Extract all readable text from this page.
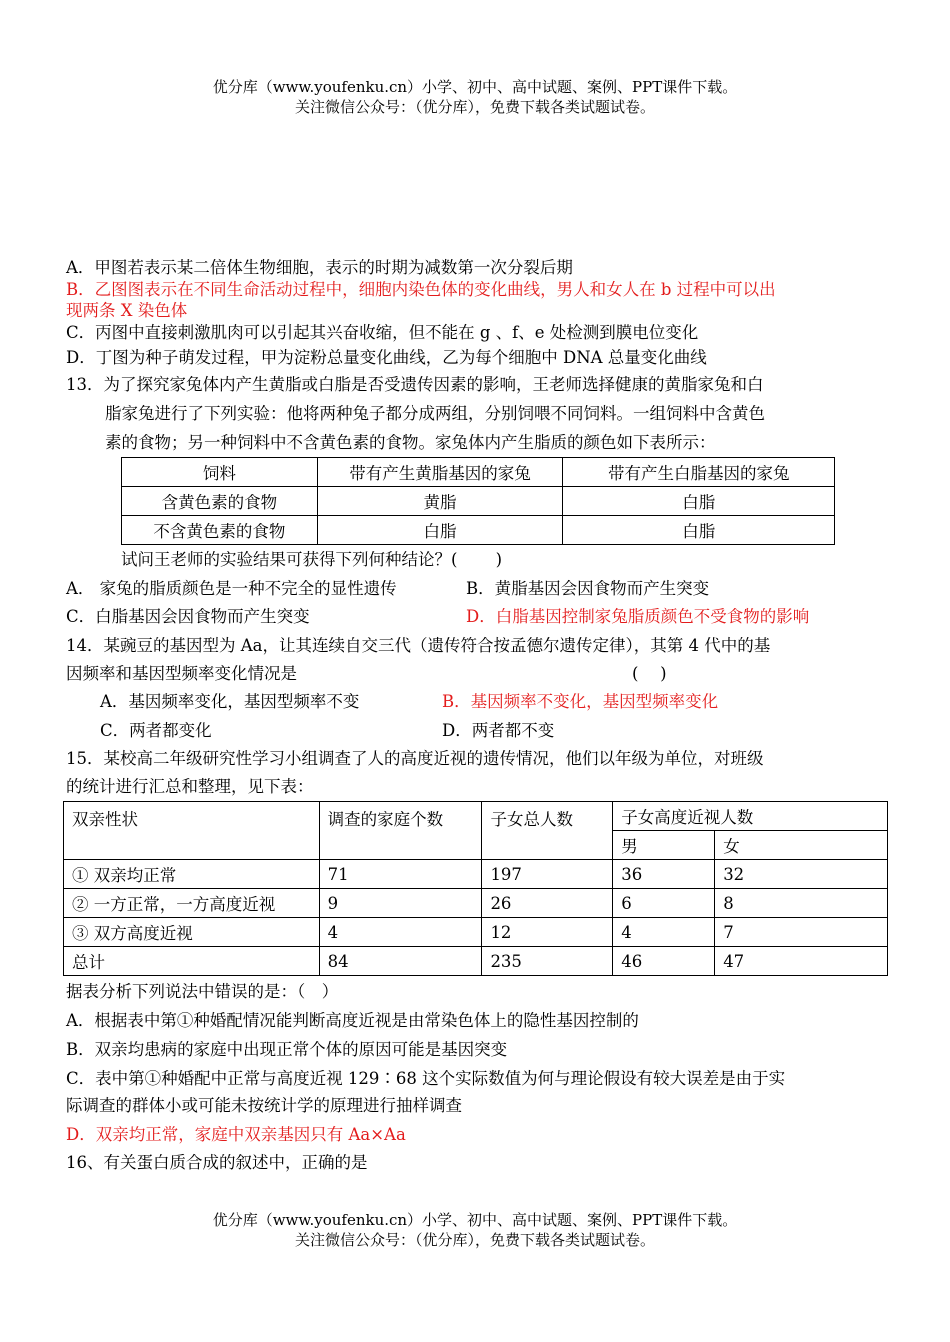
优分库（www.youfenku.cn）小学、初中、高中试题、案例、PPT课件下载。
关注微信公众号：（优分库），免费下载各类试题试卷。
A．甲图若表示某二倍体生物细胞，表示的时期为减数第一次分裂后期
B．乙图图表示在不同生命活动过程中，细胞内染色体的变化曲线，男人和女人在 b 过程中可以出
现两条 X 染色体
C．丙图中直接刺激肌肉可以引起其兴奋收缩，但不能在 g 、f、e 处检测到膜电位变化
D．丁图为种子萌发过程，甲为淀粉总量变化曲线，乙为每个细胞中 DNA 总量变化曲线
13．为了探究家兔体内产生黄脂或白脂是否受遗传因素的影响，王老师选择健康的黄脂家兔和白
脂家兔进行了下列实验：他将两种兔子都分成两组，分别饲喂不同饲料。一组饲料中含黄色
素的食物；另一种饲料中不含黄色素的食物。家兔体内产生脂质的颜色如下表所示：
饲料	带有产生黄脂基因的家兔	带有产生白脂基因的家兔
含黄色素的食物	黄脂	白脂
不含黄色素的食物	白脂	白脂
试问王老师的实验结果可获得下列何种结论？(　　 )
A． 家兔的脂质颜色是一种不完全的显性遗传	B．黄脂基因会因食物而产生突变
C．白脂基因会因食物而产生突变	D．白脂基因控制家兔脂质颜色不受食物的影响
14．某豌豆的基因型为 Aa，让其连续自交三代（遗传符合按孟德尔遗传定律），其第 4 代中的基
因频率和基因型频率变化情况是	(　 )
A．基因频率变化，基因型频率不变	B．基因频率不变化，基因型频率变化
C．两者都变化	D．两者都不变
15．某校高二年级研究性学习小组调查了人的高度近视的遗传情况，他们以年级为单位，对班级
的统计进行汇总和整理，见下表：
双亲性状	调查的家庭个数	子女总人数	子女高度近视人数	
			男	女
① 双亲均正常	71	197	36	32
② 一方正常，一方高度近视	9	26	6	8
③ 双方高度近视	4	12	4	7
总计	84	235	46	47
据表分析下列说法中错误的是：（　）
A．根据表中第①种婚配情况能判断高度近视是由常染色体上的隐性基因控制的
B．双亲均患病的家庭中出现正常个体的原因可能是基因突变
C．表中第①种婚配中正常与高度近视 129∶68 这个实际数值为何与理论假设有较大误差是由于实
际调查的群体小或可能未按统计学的原理进行抽样调查
D．双亲均正常，家庭中双亲基因只有 Aa×Aa
16、有关蛋白质合成的叙述中，正确的是
优分库（www.youfenku.cn）小学、初中、高中试题、案例、PPT课件下载。
关注微信公众号：（优分库），免费下载各类试题试卷。
